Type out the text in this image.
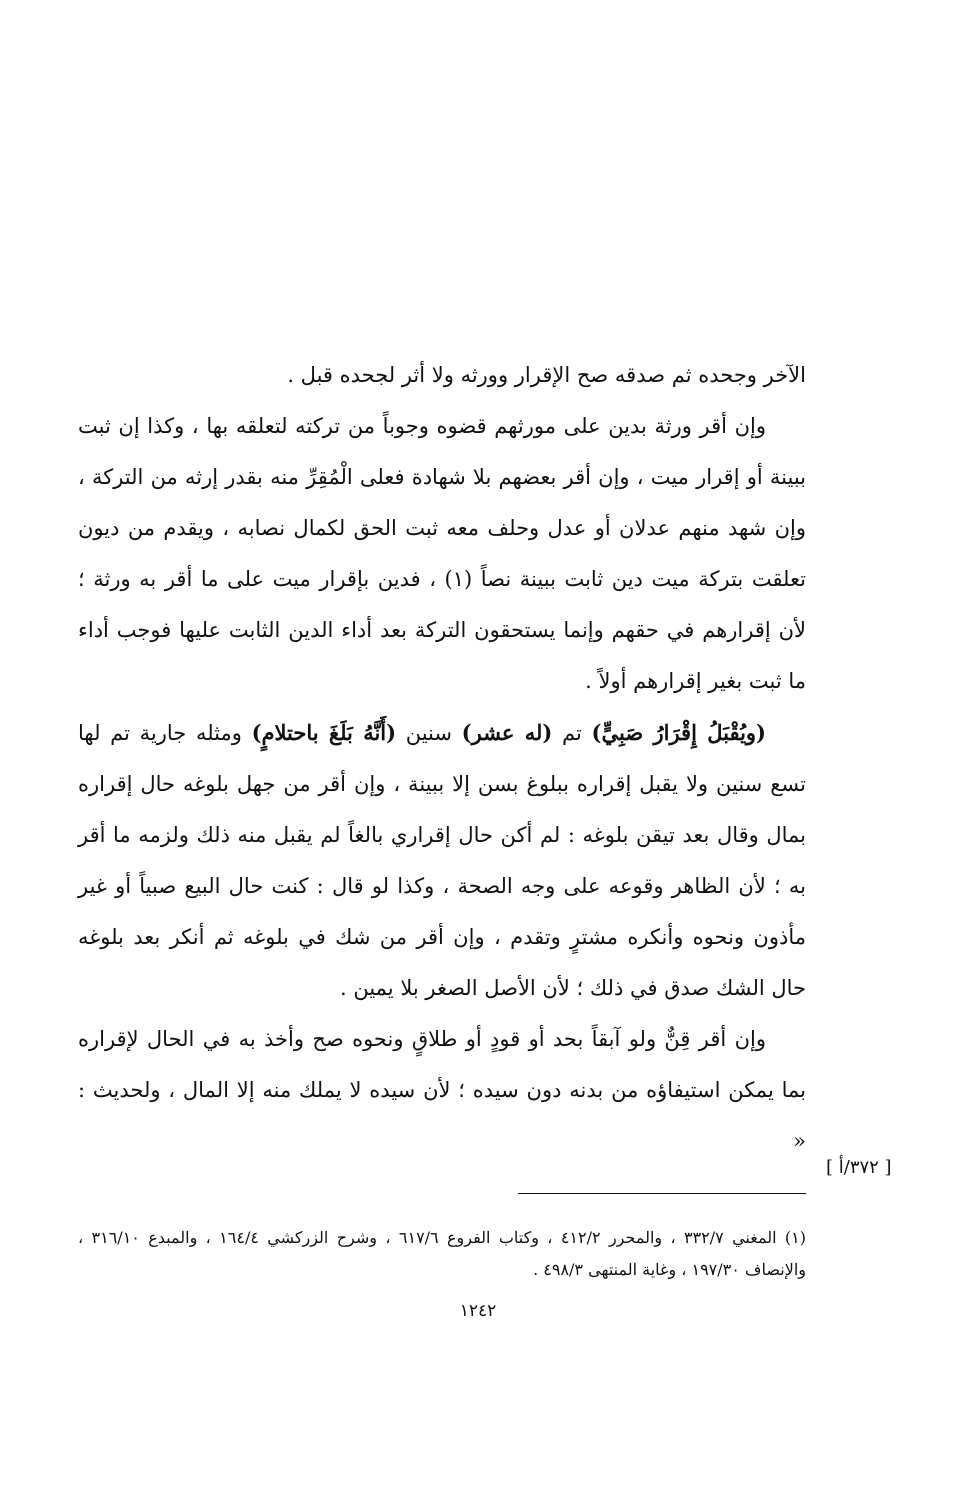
الآخر وجحده ثم صدقه صح الإقرار وورثه ولا أثر لجحده قبل .

وإن أقر ورثة بدين على مورثهم قضوه وجوباً من تركته لتعلقه بها ، وكذا إن ثبت ببينة أو إقرار ميت ، وإن أقر بعضهم بلا شهادة فعلى الْمُقِرِّ منه بقدر إرثه من التركة ، وإن شهد منهم عدلان أو عدل وحلف معه ثبت الحق لكمال نصابه ، ويقدم من ديون تعلقت بتركة ميت دين ثابت ببينة نصاً (١) ، فدين بإقرار ميت على ما أقر به ورثة ؛ لأن إقرارهم في حقهم وإنما يستحقون التركة بعد أداء الدين الثابت عليها فوجب أداء ما ثبت بغير إقرارهم أولاً .

(ويُقْبَلُ إِقْرَارُ صَبِيٍّ) تم (له عشر) سنين (أَنَّهُ بَلَغَ باحتلامٍ) ومثله جارية تم لها تسع سنين ولا يقبل إقراره ببلوغ بسن إلا ببينة ، وإن أقر من جهل بلوغه حال إقراره بمال وقال بعد تيقن بلوغه : لم أكن حال إقراري بالغاً لم يقبل منه ذلك ولزمه ما أقر به ؛ لأن الظاهر وقوعه على وجه الصحة ، وكذا لو قال : كنت حال البيع صبياً أو غير مأذون ونحوه وأنكره مشترٍ وتقدم ، وإن أقر من شك في بلوغه ثم أنكر بعد بلوغه حال الشك صدق في ذلك ؛ لأن الأصل الصغر بلا يمين .

وإن أقر قِنٌّ ولو آبقاً بحد أو قودٍ أو طلاقٍ ونحوه صح وأخذ به في الحال لإقراره بما يمكن استيفاؤه من بدنه دون سيده ؛ لأن سيده لا يملك منه إلا المال ، ولحديث : «

[ ٣٧٢/أ ]

(١) المغني ٣٣٢/٧ ، والمحرر ٤١٢/٢ ، وكتاب الفروع ٦١٧/٦ ، وشرح الزركشي ١٦٤/٤ ، والمبدع ٣١٦/١٠ ، والإنصاف ١٩٧/٣٠ ، وغاية المنتهى ٤٩٨/٣ .

١٢٤٢
